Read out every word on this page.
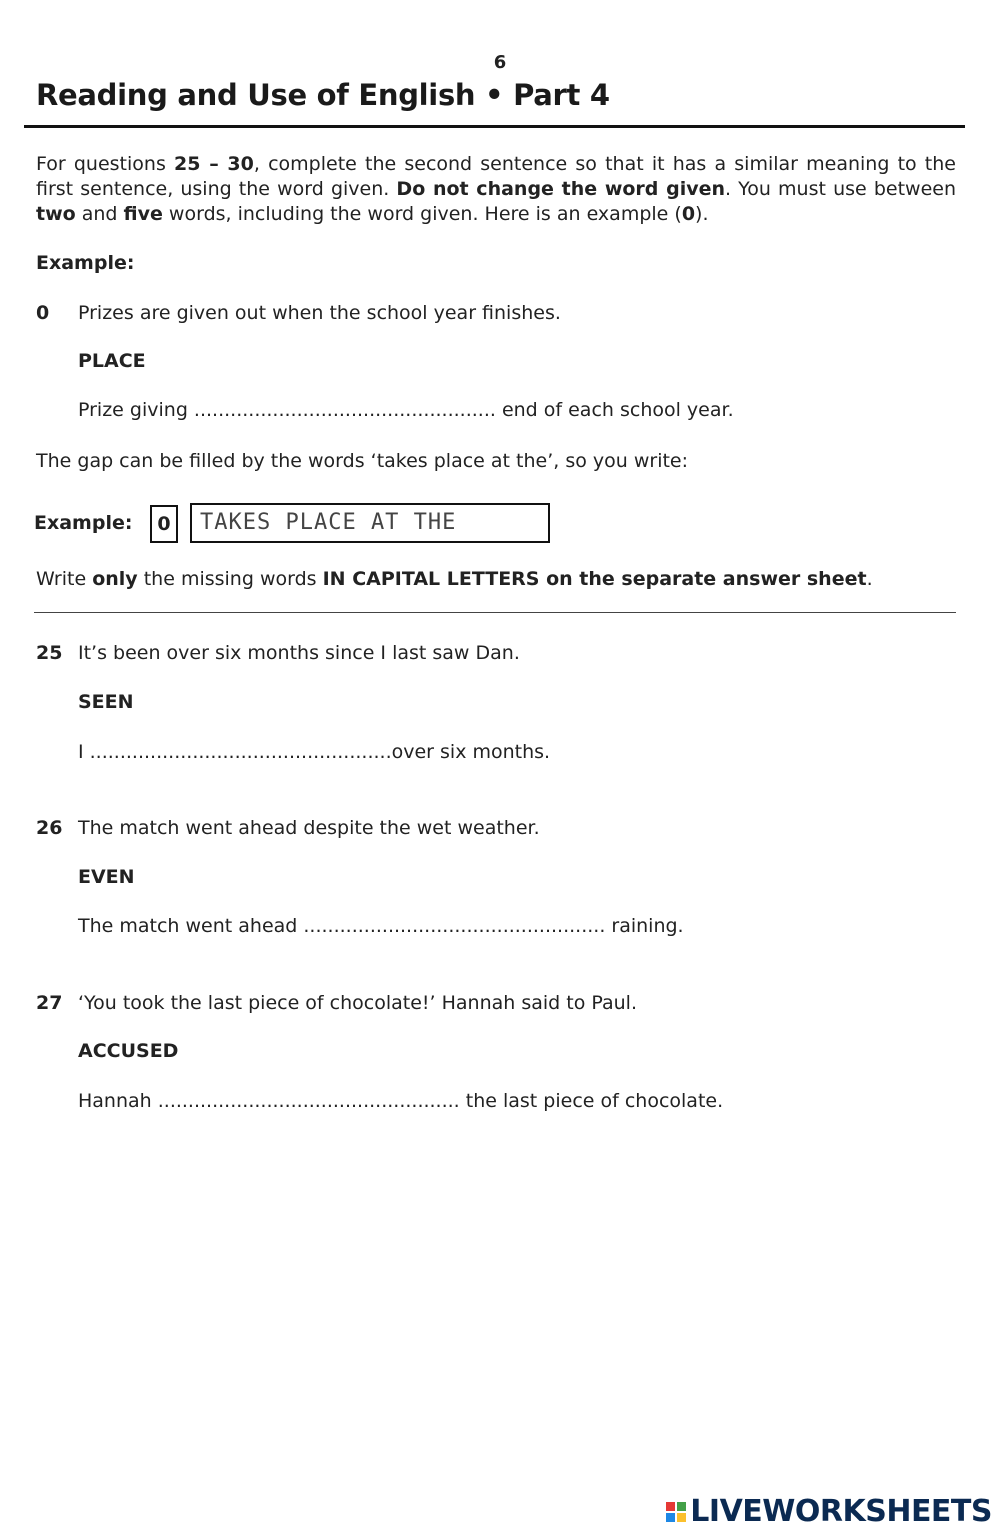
6
Reading and Use of English • Part 4
For questions 25 – 30, complete the second sentence so that it has a similar meaning to the first sentence, using the word given. Do not change the word given. You must use between two and five words, including the word given. Here is an example (0).
Example:
0 Prizes are given out when the school year finishes.
PLACE
Prize giving .................................................. end of each school year.
The gap can be filled by the words ‘takes place at the’, so you write:
Example:	0	TAKES PLACE AT THE
Write only the missing words IN CAPITAL LETTERS on the separate answer sheet.
25 It’s been over six months since I last saw Dan.
SEEN
I ..................................................over six months.
26 The match went ahead despite the wet weather.
EVEN
The match went ahead .................................................. raining.
27 ‘You took the last piece of chocolate!’ Hannah said to Paul.
ACCUSED
Hannah .................................................. the last piece of chocolate.
LIVEWORKSHEETS
